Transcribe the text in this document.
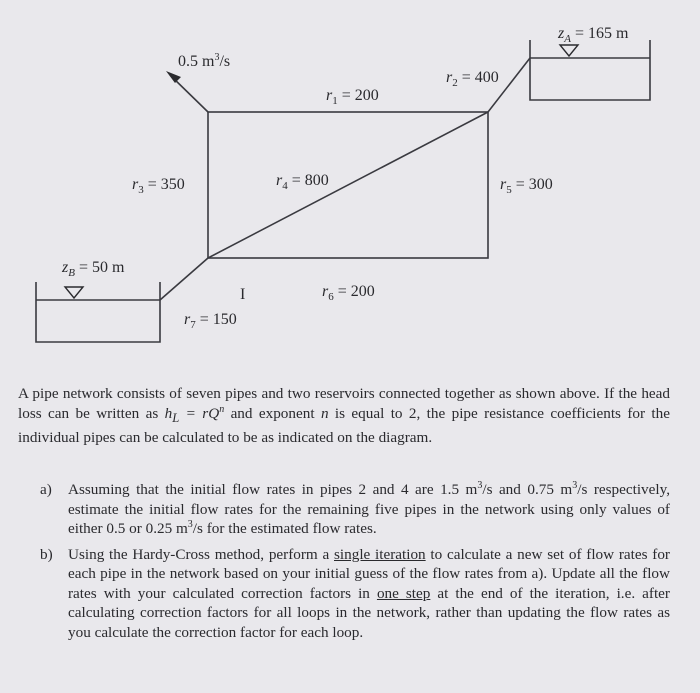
$z_A = 165$ m
$z_B = 50$ m
0.5 $m^3/s$
$r_1 = 200$
$r_2 = 400$
$r_3 = 350$	$r_4 = 800$	$r_5 = 300$
$r_6 = 200$
$r_7 = 150$
I

A pipe network consists of seven pipes and two reservoirs connected together as shown above. If the head loss can be written as $h_L = rQ^n$ and exponent n is equal to 2, the pipe resistance coefficients for the individual pipes can be calculated to be as indicated on the diagram.

a)	Assuming that the initial flow rates in pipes 2 and 4 are 1.5 $m^3/s$ and 0.75 $m^3/s$ respectively, estimate the initial flow rates for the remaining five pipes in the network using only values of either 0.5 or 0.25 $m^3/s$ for the estimated flow rates.
b)	Using the Hardy-Cross method, perform a single iteration to calculate a new set of flow rates for each pipe in the network based on your initial guess of the flow rates from a). Update all the flow rates with your calculated correction factors in one step at the end of the iteration, i.e. after calculating correction factors for all loops in the network, rather than updating the flow rates as you calculate the correction factor for each loop.
